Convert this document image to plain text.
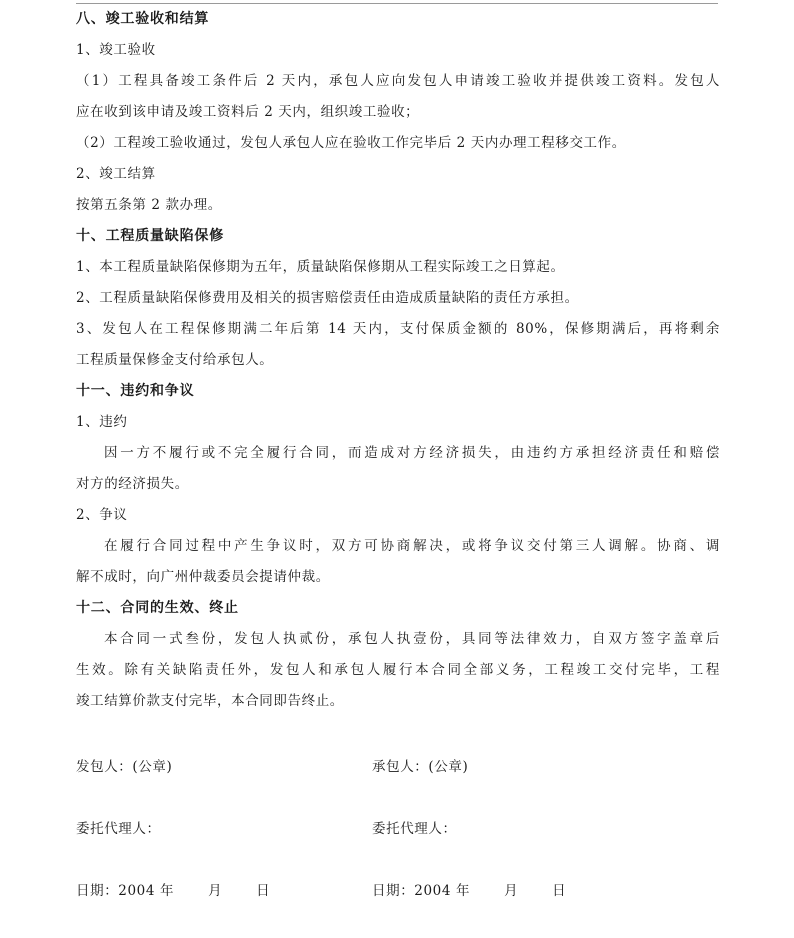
八、竣工验收和结算
1、竣工验收
（1）工程具备竣工条件后 2 天内，承包人应向发包人申请竣工验收并提供竣工资料。发包人
应在收到该申请及竣工资料后 2 天内，组织竣工验收；
（2）工程竣工验收通过，发包人承包人应在验收工作完毕后 2 天内办理工程移交工作。
2、竣工结算
按第五条第 2 款办理。
十、工程质量缺陷保修
1、本工程质量缺陷保修期为五年，质量缺陷保修期从工程实际竣工之日算起。
2、工程质量缺陷保修费用及相关的损害赔偿责任由造成质量缺陷的责任方承担。
3、发包人在工程保修期满二年后第 14 天内，支付保质金额的 80%，保修期满后，再将剩余
工程质量保修金支付给承包人。
十一、违约和争议
1、违约
因一方不履行或不完全履行合同，而造成对方经济损失，由违约方承担经济责任和赔偿
对方的经济损失。
2、争议
在履行合同过程中产生争议时，双方可协商解决，或将争议交付第三人调解。协商、调
解不成时，向广州仲裁委员会提请仲裁。
十二、合同的生效、终止
本合同一式叁份，发包人执贰份，承包人执壹份，具同等法律效力，自双方签字盖章后
生效。除有关缺陷责任外，发包人和承包人履行本合同全部义务，工程竣工交付完毕，工程
竣工结算价款支付完毕，本合同即告终止。
发包人：(公章)	承包人：(公章)
委托代理人：	委托代理人：
日期：2004 年	月	日	日期：2004 年	月	日
